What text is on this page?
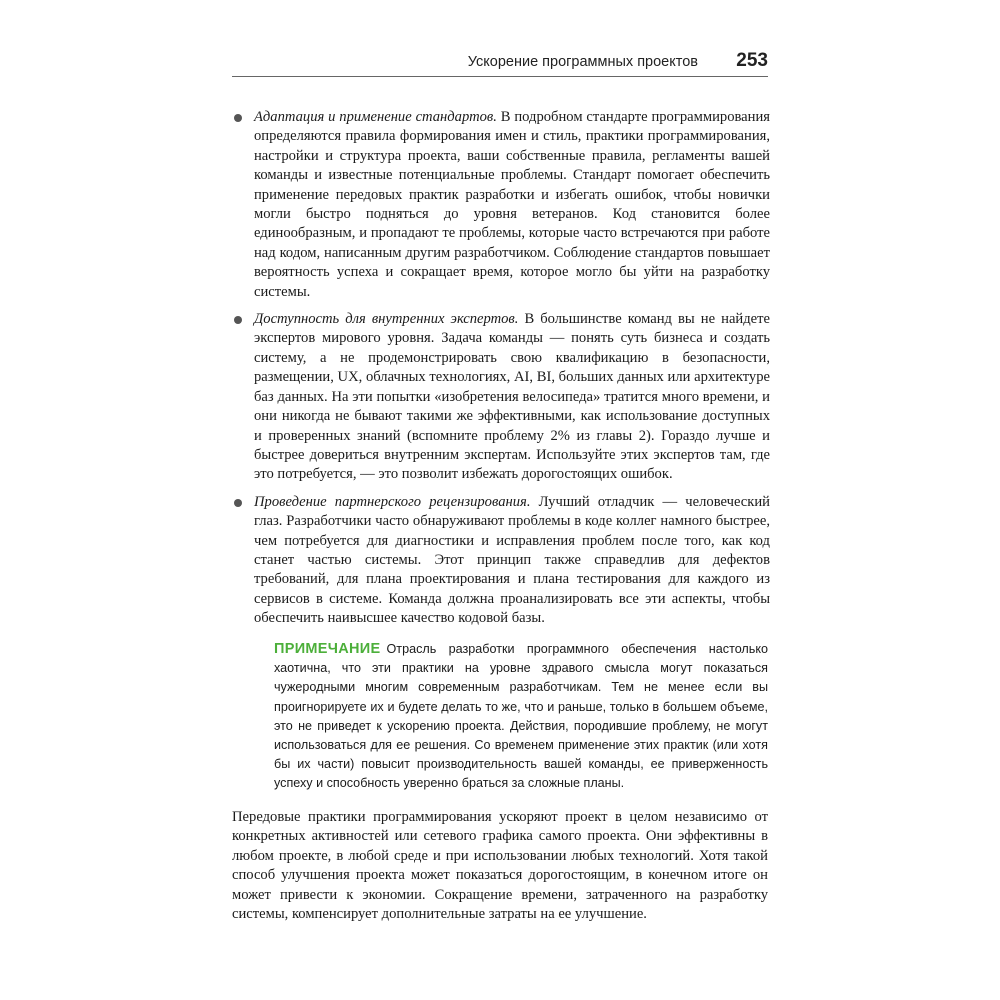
Ускорение программных проектов 253
Адаптация и применение стандартов. В подробном стандарте программирования определяются правила формирования имен и стиль, практики программирования, настройки и структура проекта, ваши собственные правила, регламенты вашей команды и известные потенциальные проблемы. Стандарт помогает обеспечить применение передовых практик разработки и избегать ошибок, чтобы новички могли быстро подняться до уровня ветеранов. Код становится более единообразным, и пропадают те проблемы, которые часто встречаются при работе над кодом, написанным другим разработчиком. Соблюдение стандартов повышает вероятность успеха и сокращает время, которое могло бы уйти на разработку системы.
Доступность для внутренних экспертов. В большинстве команд вы не найдете экспертов мирового уровня. Задача команды — понять суть бизнеса и создать систему, а не продемонстрировать свою квалификацию в безопасности, размещении, UX, облачных технологиях, AI, BI, больших данных или архитектуре баз данных. На эти попытки «изобретения велосипеда» тратится много времени, и они никогда не бывают такими же эффективными, как использование доступных и проверенных знаний (вспомните проблему 2% из главы 2). Гораздо лучше и быстрее довериться внутренним экспертам. Используйте этих экспертов там, где это потребуется, — это позволит избежать дорогостоящих ошибок.
Проведение партнерского рецензирования. Лучший отладчик — человеческий глаз. Разработчики часто обнаруживают проблемы в коде коллег намного быстрее, чем потребуется для диагностики и исправления проблем после того, как код станет частью системы. Этот принцип также справедлив для дефектов требований, для плана проектирования и плана тестирования для каждого из сервисов в системе. Команда должна проанализировать все эти аспекты, чтобы обеспечить наивысшее качество кодовой базы.
ПРИМЕЧАНИЕ Отрасль разработки программного обеспечения настолько хаотична, что эти практики на уровне здравого смысла могут показаться чужеродными многим современным разработчикам. Тем не менее если вы проигнорируете их и будете делать то же, что и раньше, только в большем объеме, это не приведет к ускорению проекта. Действия, породившие проблему, не могут использоваться для ее решения. Со временем применение этих практик (или хотя бы их части) повысит производительность вашей команды, ее приверженность успеху и способность уверенно браться за сложные планы.

Передовые практики программирования ускоряют проект в целом независимо от конкретных активностей или сетевого графика самого проекта. Они эффективны в любом проекте, в любой среде и при использовании любых технологий. Хотя такой способ улучшения проекта может показаться дорогостоящим, в конечном итоге он может привести к экономии. Сокращение времени, затраченного на разработку системы, компенсирует дополнительные затраты на ее улучшение.
